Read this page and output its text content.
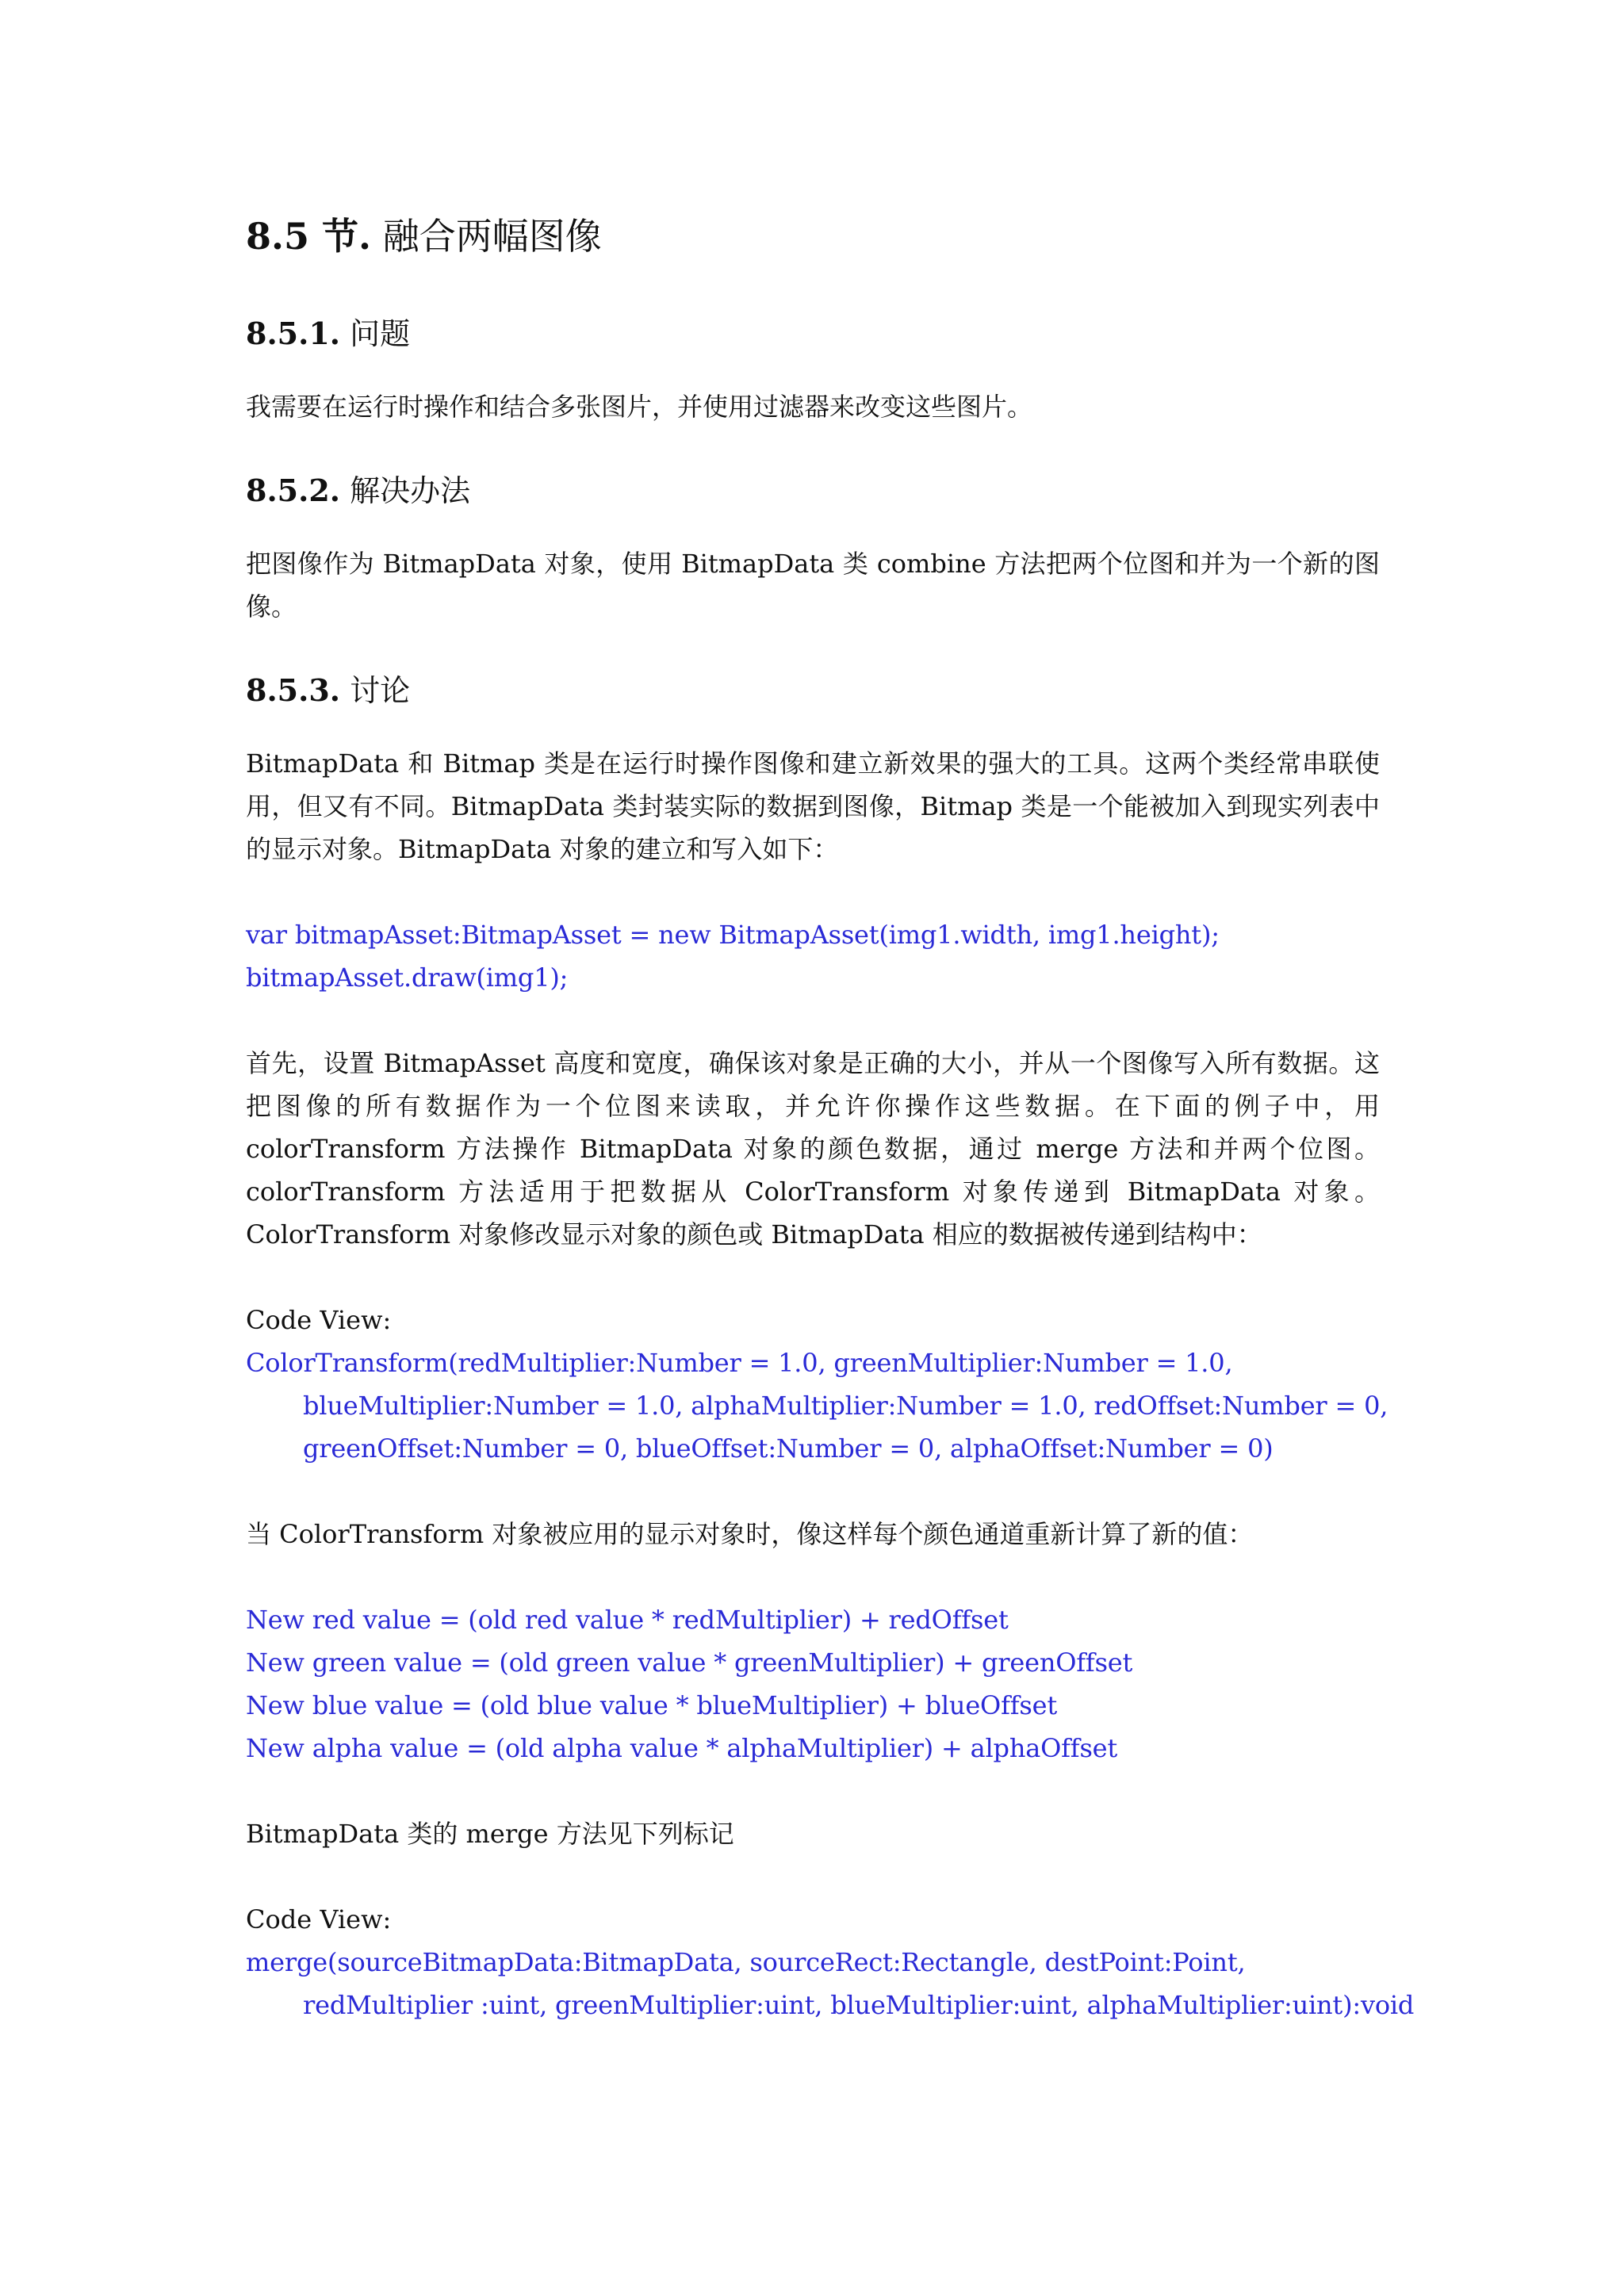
8.5 节. 融合两幅图像
8.5.1. 问题
我需要在运行时操作和结合多张图片，并使用过滤器来改变这些图片。
8.5.2. 解决办法
把图像作为 BitmapData 对象，使用 BitmapData 类 combine 方法把两个位图和并为一个新的图像。
8.5.3. 讨论
BitmapData 和 Bitmap 类是在运行时操作图像和建立新效果的强大的工具。这两个类经常串联使用，但又有不同。BitmapData 类封装实际的数据到图像，Bitmap 类是一个能被加入到现实列表中的显示对象。BitmapData 对象的建立和写入如下：
var bitmapAsset:BitmapAsset = new BitmapAsset(img1.width, img1.height);
bitmapAsset.draw(img1);
首先，设置 BitmapAsset 高度和宽度，确保该对象是正确的大小，并从一个图像写入所有数据。这把图像的所有数据作为一个位图来读取，并允许你操作这些数据。在下面的例子中，用 colorTransform 方法操作 BitmapData 对象的颜色数据，通过 merge 方法和并两个位图。colorTransform 方法适用于把数据从 ColorTransform 对象传递到 BitmapData 对象。ColorTransform 对象修改显示对象的颜色或 BitmapData 相应的数据被传递到结构中：
Code View:
ColorTransform(redMultiplier:Number = 1.0, greenMultiplier:Number = 1.0,
blueMultiplier:Number = 1.0, alphaMultiplier:Number = 1.0, redOffset:Number = 0,
greenOffset:Number = 0, blueOffset:Number = 0, alphaOffset:Number = 0)
当 ColorTransform 对象被应用的显示对象时，像这样每个颜色通道重新计算了新的值：
New red value = (old red value * redMultiplier) + redOffset
New green value = (old green value * greenMultiplier) + greenOffset
New blue value = (old blue value * blueMultiplier) + blueOffset
New alpha value = (old alpha value * alphaMultiplier) + alphaOffset
BitmapData 类的 merge 方法见下列标记
Code View:
merge(sourceBitmapData:BitmapData, sourceRect:Rectangle, destPoint:Point,
redMultiplier :uint, greenMultiplier:uint, blueMultiplier:uint, alphaMultiplier:uint):void
